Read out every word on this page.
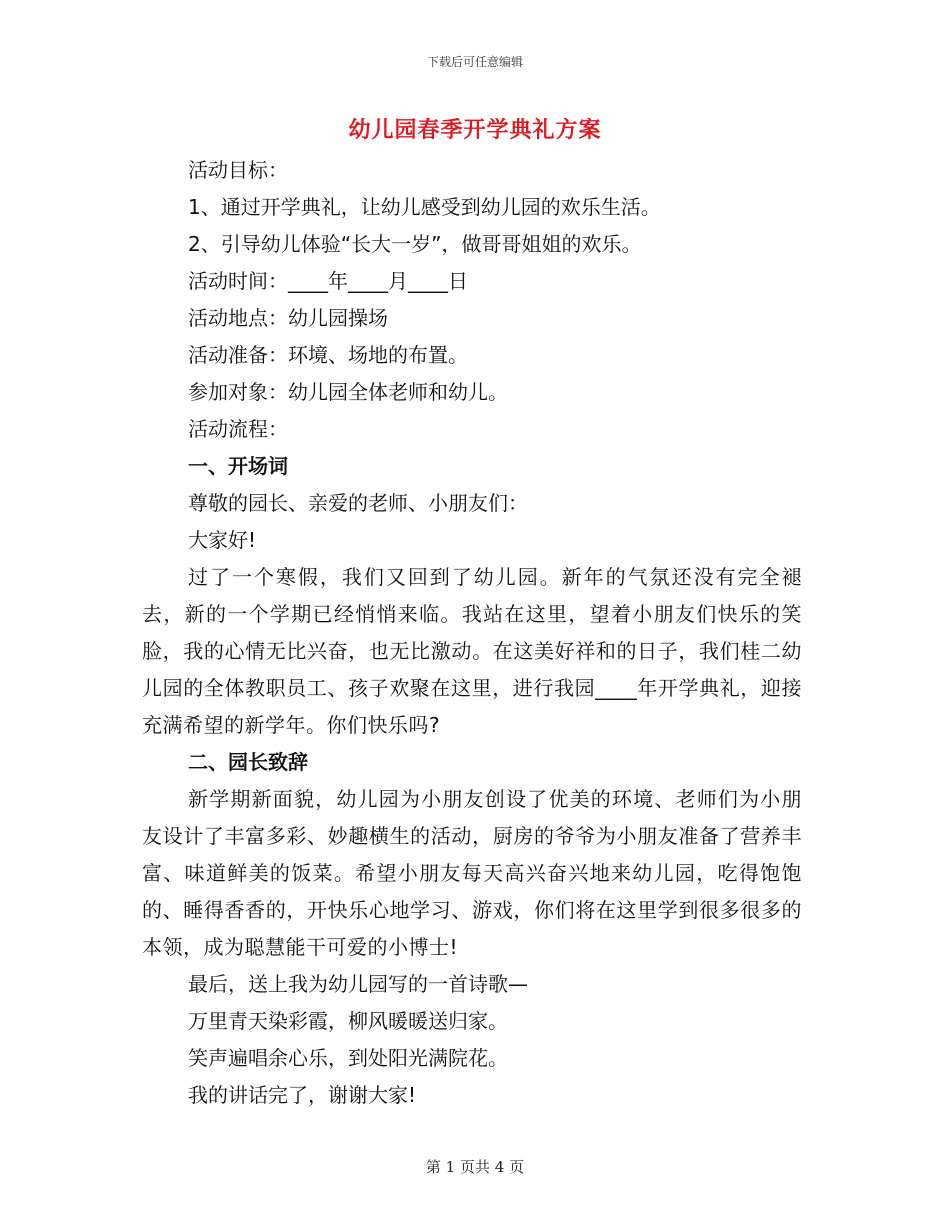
下载后可任意编辑
幼儿园春季开学典礼方案

活动目标：

1、通过开学典礼，让幼儿感受到幼儿园的欢乐生活。

2、引导幼儿体验“长大一岁”，做哥哥姐姐的欢乐。

活动时间：____年____月____日

活动地点：幼儿园操场

活动准备：环境、场地的布置。

参加对象：幼儿园全体老师和幼儿。

活动流程：

一、开场词

尊敬的园长、亲爱的老师、小朋友们：

大家好!

过了一个寒假，我们又回到了幼儿园。新年的气氛还没有完全褪去，新的一个学期已经悄悄来临。我站在这里，望着小朋友们快乐的笑脸，我的心情无比兴奋，也无比激动。在这美好祥和的日子，我们桂二幼儿园的全体教职员工、孩子欢聚在这里，进行我园____年开学典礼，迎接充满希望的新学年。你们快乐吗?

二、园长致辞

新学期新面貌，幼儿园为小朋友创设了优美的环境、老师们为小朋友设计了丰富多彩、妙趣横生的活动，厨房的爷爷为小朋友准备了营养丰富、味道鲜美的饭菜。希望小朋友每天高兴奋兴地来幼儿园，吃得饱饱的、睡得香香的，开快乐心地学习、游戏，你们将在这里学到很多很多的本领，成为聪慧能干可爱的小博士!

最后，送上我为幼儿园写的一首诗歌—

万里青天染彩霞，柳风暖暖送归家。

笑声遍唱余心乐，到处阳光满院花。

我的讲话完了，谢谢大家!

第 1 页共 4 页
